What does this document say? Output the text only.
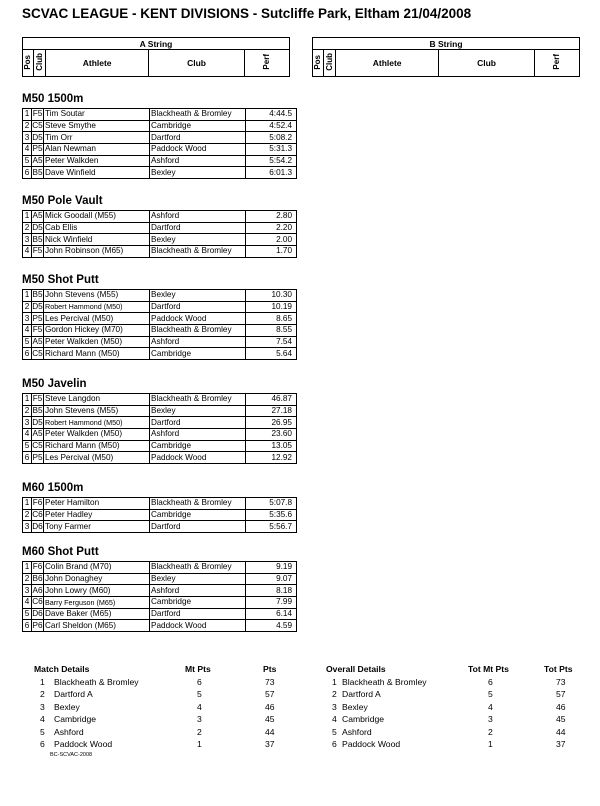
SCVAC LEAGUE - KENT DIVISIONS - Sutcliffe Park, Eltham 21/04/2008
A String
Pos	Club	Athlete	Club	Perf
B String
Pos	Club	Athlete	Club	Perf
M50 1500m
1	F5	Tim Soutar	Blackheath & Bromley	4:44.5
2	C5	Steve Smythe	Cambridge	4:52.4
3	D5	Tim Orr	Dartford	5:08.2
4	P5	Alan Newman	Paddock Wood	5:31.3
5	A5	Peter Walkden	Ashford	5:54.2
6	B5	Dave Winfield	Bexley	6:01.3
M50 Pole Vault
1	A5	Mick Goodall (M55)	Ashford	2.80
2	D5	Cab Ellis	Dartford	2.20
3	B5	Nick Winfield	Bexley	2.00
4	F5	John Robinson (M65)	Blackheath & Bromley	1.70
M50 Shot Putt
1	B5	John Stevens (M55)	Bexley	10.30
2	D5	Robert Hammond (M50)	Dartford	10.19
3	P5	Les Percival (M50)	Paddock Wood	8.65
4	F5	Gordon Hickey (M70)	Blackheath & Bromley	8.55
5	A5	Peter Walkden (M50)	Ashford	7.54
6	C5	Richard Mann (M50)	Cambridge	5.64
M50 Javelin
1	F5	Steve Langdon	Blackheath & Bromley	46.87
2	B5	John Stevens (M55)	Bexley	27.18
3	D5	Robert Hammond (M50)	Dartford	26.95
4	A5	Peter Walkden (M50)	Ashford	23.60
5	C5	Richard Mann (M50)	Cambridge	13.05
6	P5	Les Percival (M50)	Paddock Wood	12.92
M60 1500m
1	F6	Peter Hamilton	Blackheath & Bromley	5:07.8
2	C6	Peter Hadley	Cambridge	5:35.6
3	D6	Tony Farmer	Dartford	5:56.7
M60 Shot Putt
1	F6	Colin Brand (M70)	Blackheath & Bromley	9.19
2	B6	John Donaghey	Bexley	9.07
3	A6	John Lowry (M60)	Ashford	8.18
4	C6	Barry Ferguson (M65)	Cambridge	7.99
5	D6	Dave Baker (M65)	Dartford	6.14
6	P6	Carl Sheldon (M65)	Paddock Wood	4.59
Match Details	Mt Pts	Pts
1 Blackheath & Bromley	6	73
2 Dartford A	5	57
3 Bexley	4	46
4 Cambridge	3	45
5 Ashford	2	44
6 Paddock Wood	1	37
Overall Details	Tot Mt Pts	Tot Pts
1 Blackheath & Bromley	6	73
2 Dartford A	5	57
3 Bexley	4	46
4 Cambridge	3	45
5 Ashford	2	44
6 Paddock Wood	1	37
BC-SCVAC-2008
